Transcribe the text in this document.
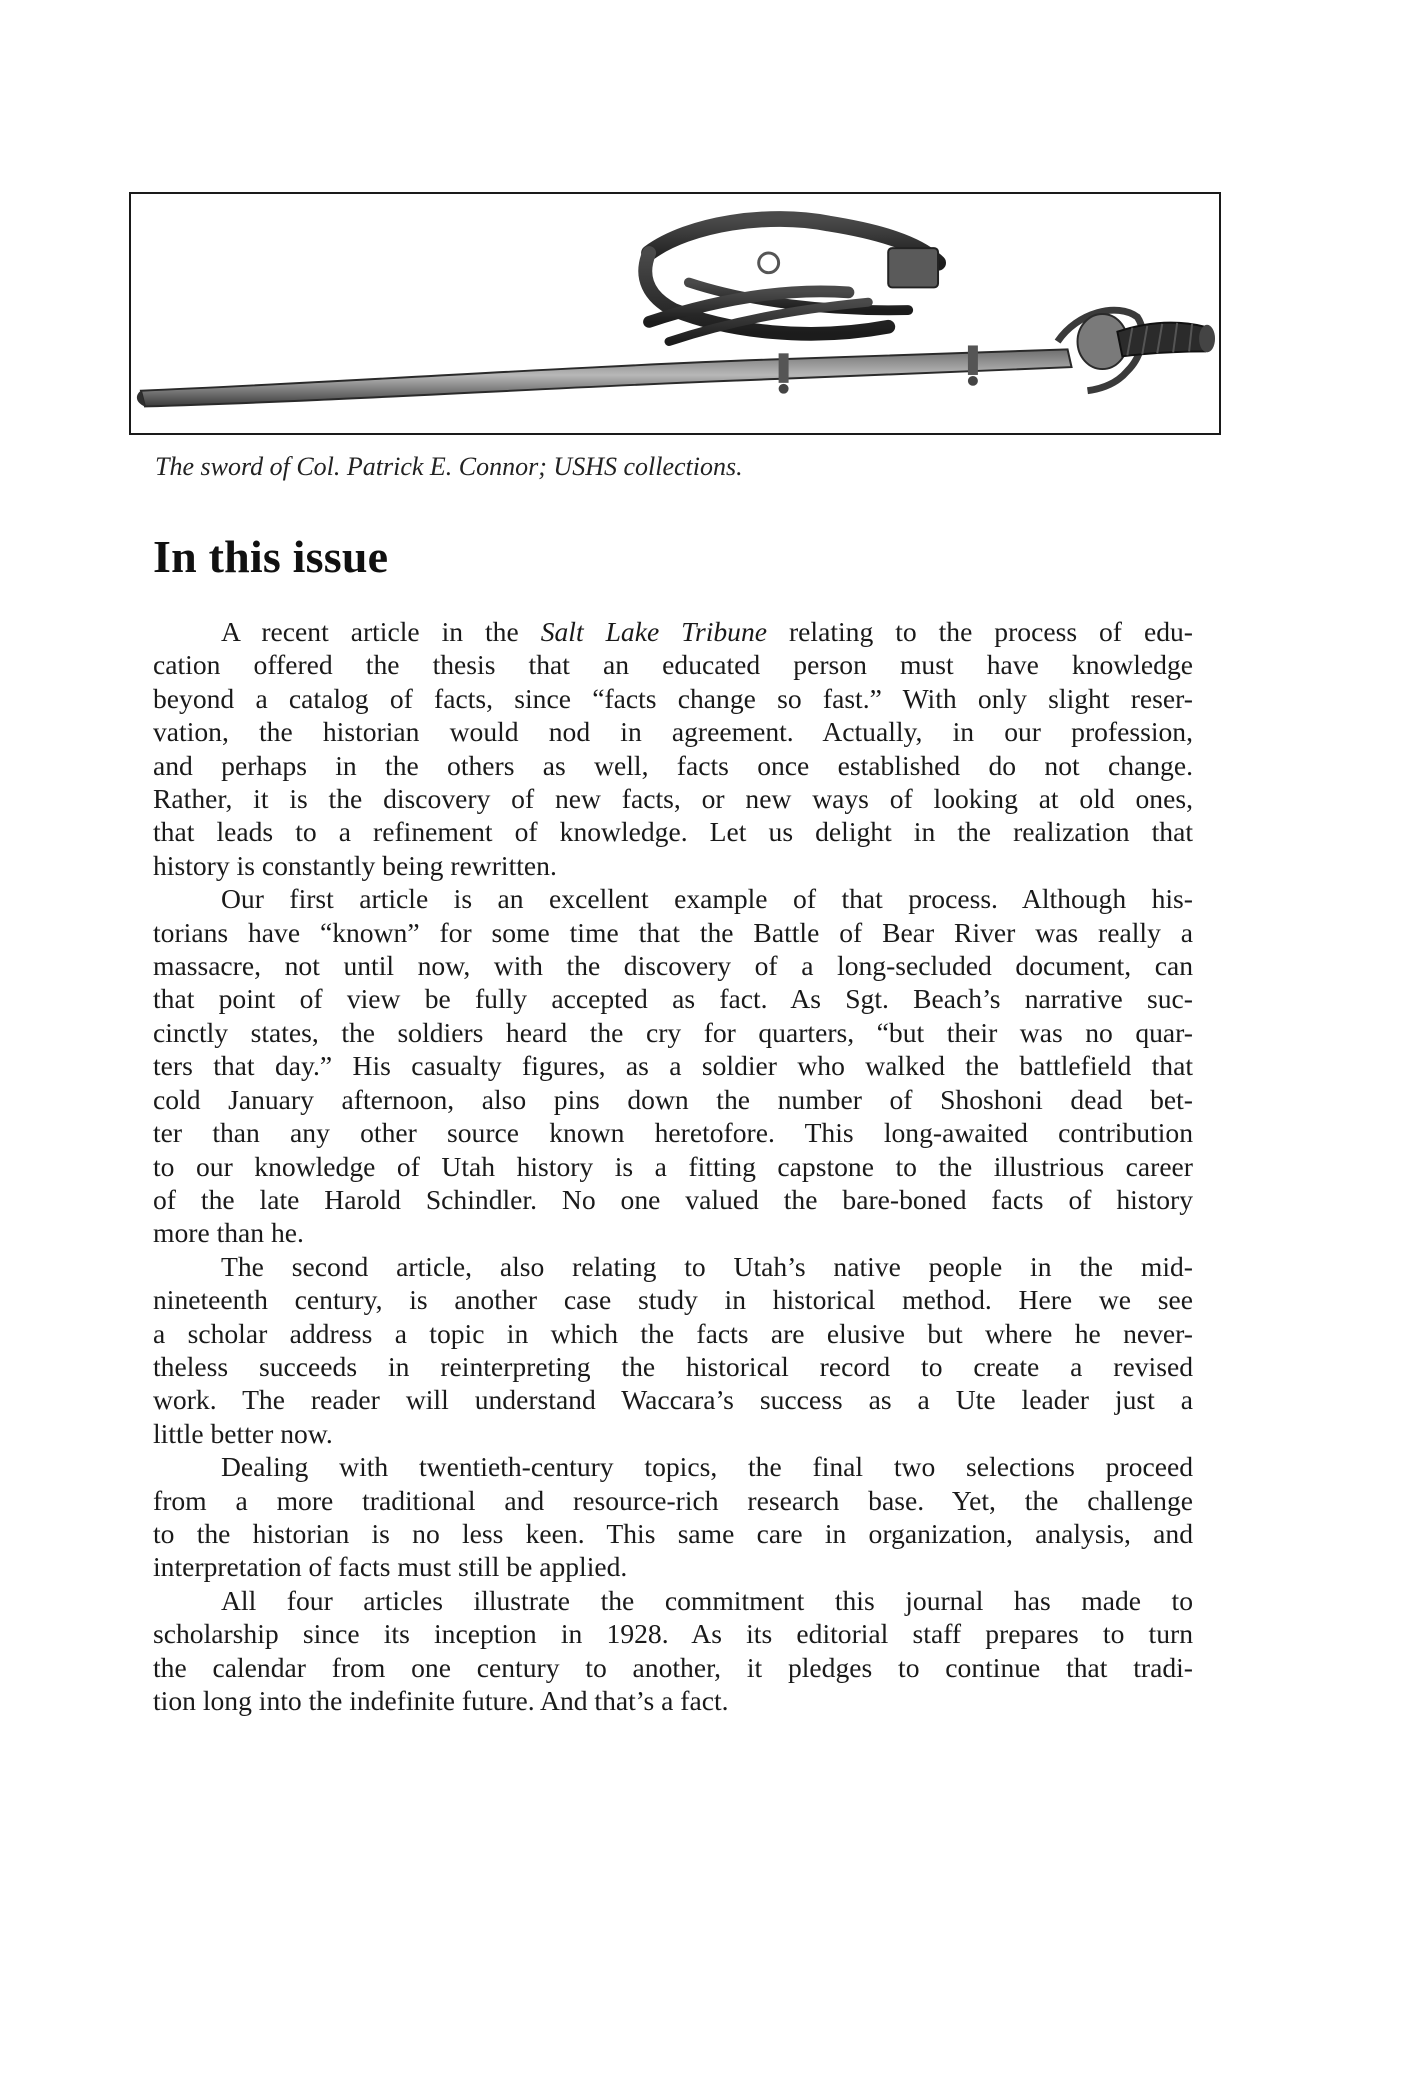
The sword of Col. Patrick E. Connor; USHS collections.
In this issue
A recent article in the Salt Lake Tribune relating to the process of edu-
cation offered the thesis that an educated person must have knowledge
beyond a catalog of facts, since “facts change so fast.” With only slight reser-
vation, the historian would nod in agreement. Actually, in our profession,
and perhaps in the others as well, facts once established do not change.
Rather, it is the discovery of new facts, or new ways of looking at old ones,
that leads to a refinement of knowledge. Let us delight in the realization that
history is constantly being rewritten.
Our first article is an excellent example of that process. Although his-
torians have “known” for some time that the Battle of Bear River was really a
massacre, not until now, with the discovery of a long-secluded document, can
that point of view be fully accepted as fact. As Sgt. Beach’s narrative suc-
cinctly states, the soldiers heard the cry for quarters, “but their was no quar-
ters that day.” His casualty figures, as a soldier who walked the battlefield that
cold January afternoon, also pins down the number of Shoshoni dead bet-
ter than any other source known heretofore. This long-awaited contribution
to our knowledge of Utah history is a fitting capstone to the illustrious career
of the late Harold Schindler. No one valued the bare-boned facts of history
more than he.
The second article, also relating to Utah’s native people in the mid-
nineteenth century, is another case study in historical method. Here we see
a scholar address a topic in which the facts are elusive but where he never-
theless succeeds in reinterpreting the historical record to create a revised
work. The reader will understand Waccara’s success as a Ute leader just a
little better now.
Dealing with twentieth-century topics, the final two selections proceed
from a more traditional and resource-rich research base. Yet, the challenge
to the historian is no less keen. This same care in organization, analysis, and
interpretation of facts must still be applied.
All four articles illustrate the commitment this journal has made to
scholarship since its inception in 1928. As its editorial staff prepares to turn
the calendar from one century to another, it pledges to continue that tradi-
tion long into the indefinite future. And that’s a fact.
